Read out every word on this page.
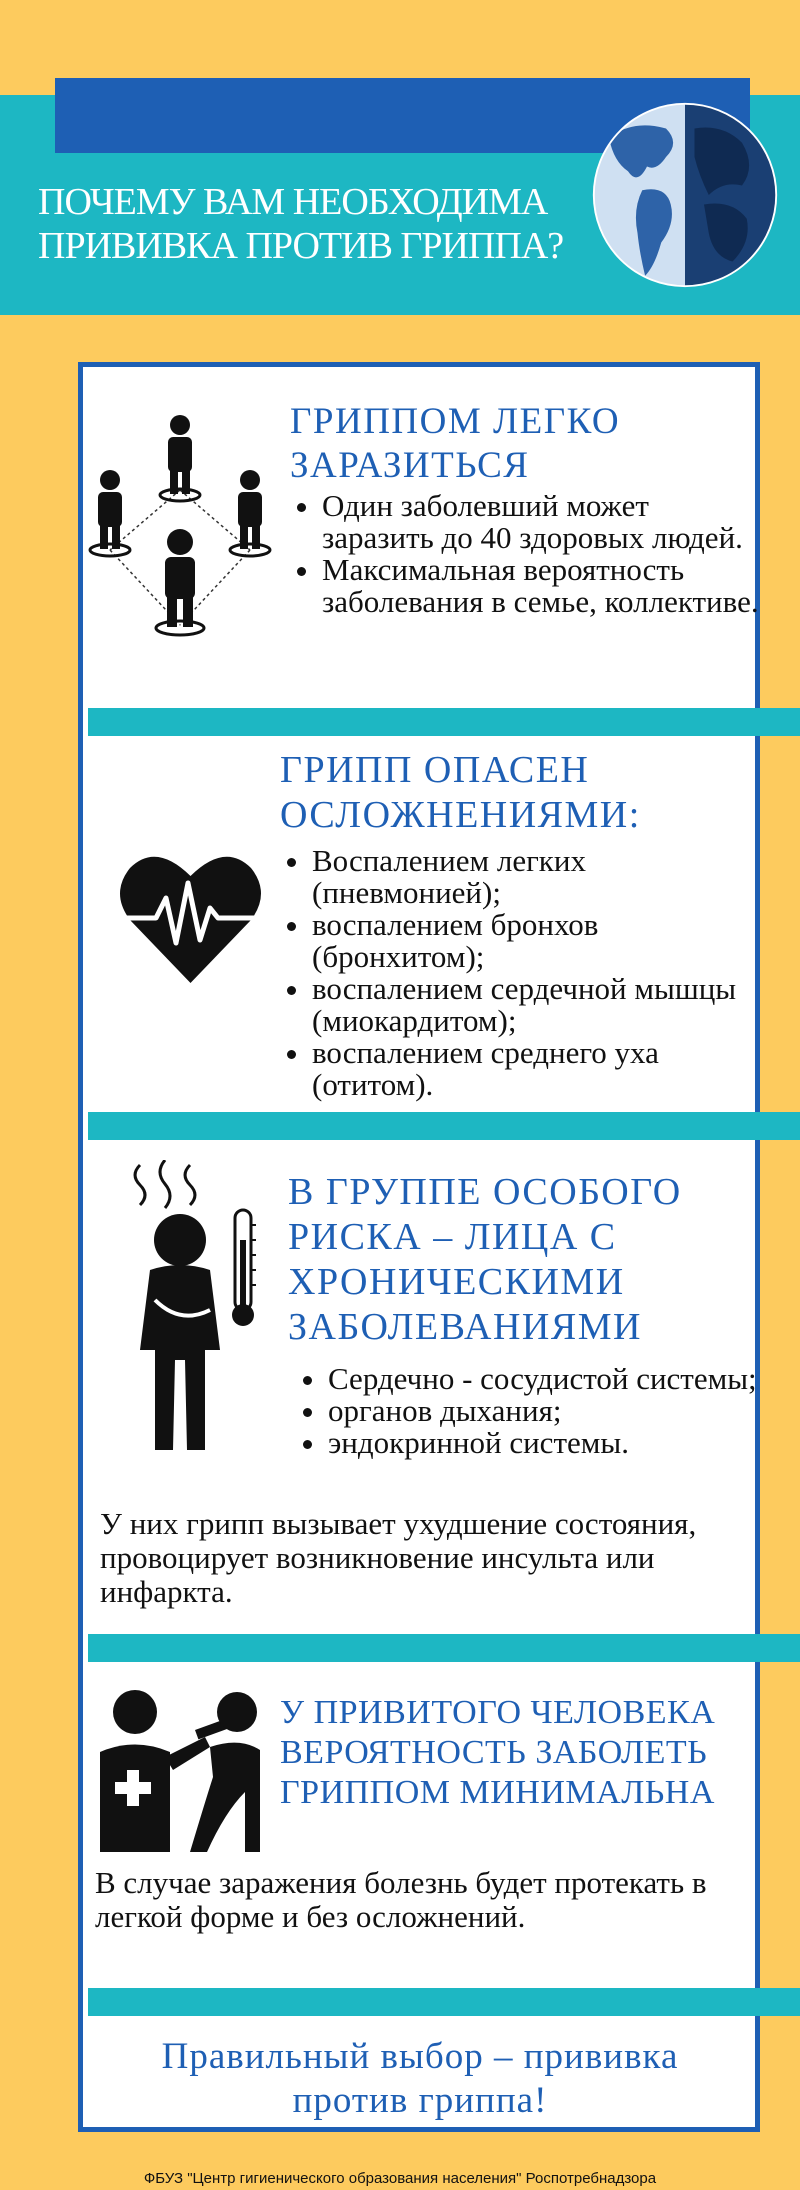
ПОЧЕМУ ВАМ НЕОБХОДИМА
ПРИВИВКА ПРОТИВ ГРИППА?
ГРИППОМ ЛЕГКО
ЗАРАЗИТЬСЯ
• Один заболевший может заразить до 40 здоровых людей.
• Максимальная вероятность заболевания в семье, коллективе.
ГРИПП ОПАСЕН
ОСЛОЖНЕНИЯМИ:
• Воспалением легких (пневмонией);
• воспалением бронхов (бронхитом);
• воспалением сердечной мышцы (миокардитом);
• воспалением среднего уха (отитом).
В ГРУППЕ ОСОБОГО
РИСКА – ЛИЦА С
ХРОНИЧЕСКИМИ
ЗАБОЛЕВАНИЯМИ
• Сердечно - сосудистой системы;
• органов дыхания;
• эндокринной системы.
У них грипп вызывает ухудшение состояния, провоцирует возникновение инсульта или инфаркта.
У ПРИВИТОГО ЧЕЛОВЕКА
ВЕРОЯТНОСТЬ ЗАБОЛЕТЬ
ГРИППОМ МИНИМАЛЬНА
В случае заражения болезнь будет протекать в легкой форме и без осложнений.
Правильный выбор – прививка
против гриппа!
ФБУЗ "Центр гигиенического образования населения" Роспотребнадзора
